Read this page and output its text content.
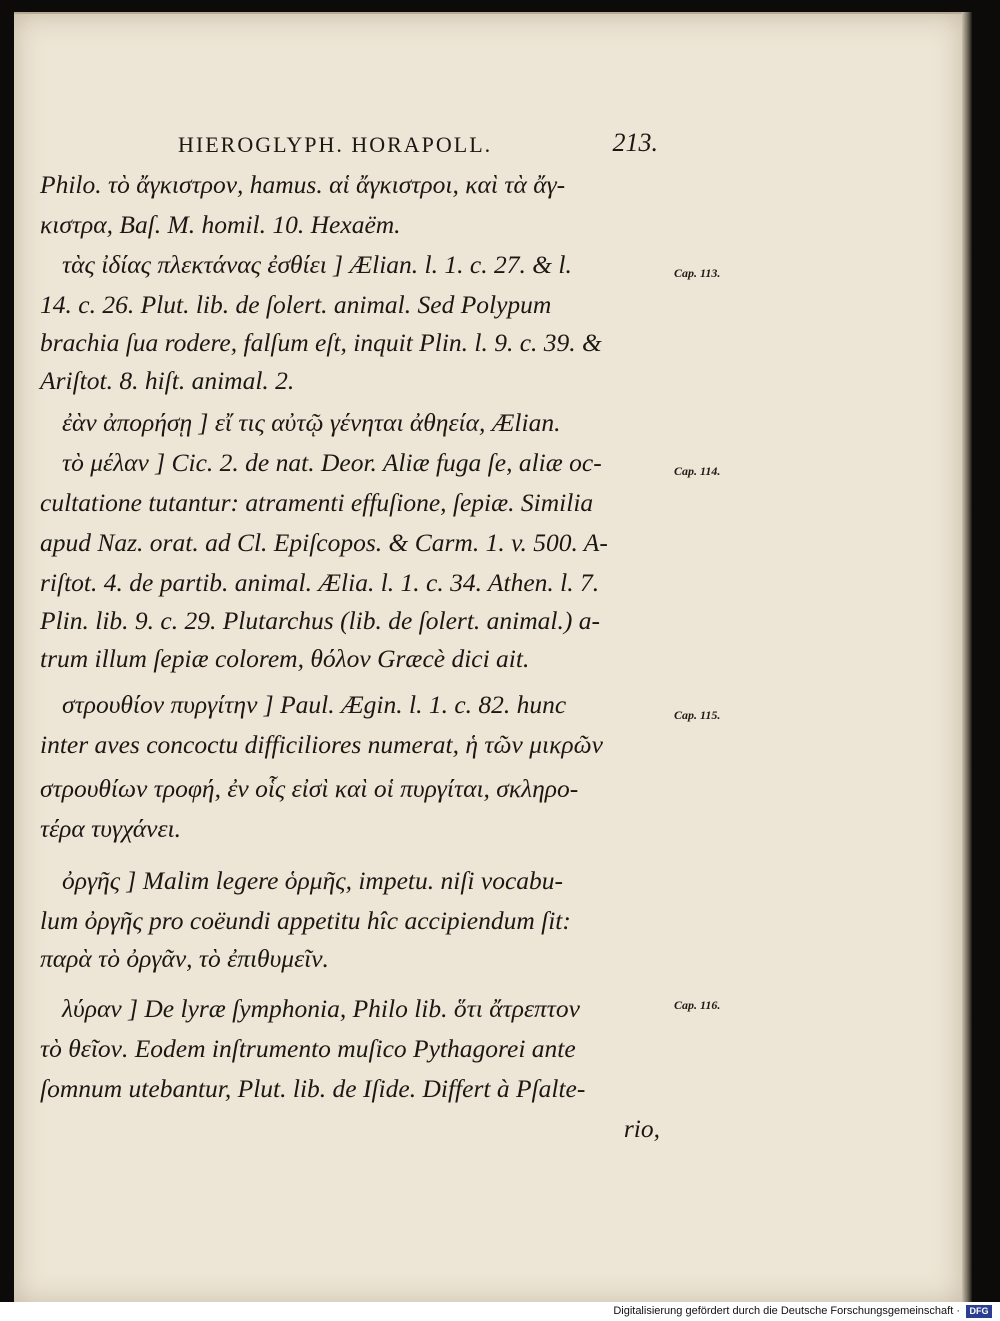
HIEROGLYPH. HORAPOLL.	213.
Philo. τὸ ἄγκιστρον, hamus. αἱ ἄγκιστροι, καὶ τὰ ἄγ-
κιστρα, Baſ. M. homil. 10. Hexaëm.
τὰς ἰδίας πλεκτάνας ἐσθίει ] Ælian. l. 1. c. 27. & l.
14. c. 26. Plut. lib. de ſolert. animal. Sed Polypum
brachia ſua rodere, falſum eſt, inquit Plin. l. 9. c. 39. &
Ariſtot. 8. hiſt. animal. 2.
ἐὰν ἀπορήσῃ ] εἴ τις αὐτῷ γένηται ἀθηεία, Ælian.
τὸ μέλαν ] Cic. 2. de nat. Deor. Aliæ fuga ſe, aliæ oc-
cultatione tutantur: atramenti effuſione, ſepiæ. Similia
apud Naz. orat. ad Cl. Epiſcopos. & Carm. 1. v. 500. A-
riſtot. 4. de partib. animal. Ælia. l. 1. c. 34. Athen. l. 7.
Plin. lib. 9. c. 29. Plutarchus (lib. de ſolert. animal.) a-
trum illum ſepiæ colorem, θόλον Græcè dici ait.
στρουθίον πυργίτην ] Paul. Ægin. l. 1. c. 82. hunc
inter aves concoctu difficiliores numerat, ἡ τῶν μικρῶν
στρουθίων τροφή, ἐν οἷς εἰσὶ καὶ οἱ πυργίται, σκληρο-
τέρα τυγχάνει.
ὀργῆς ] Malim legere ὁρμῆς, impetu. niſi vocabu-
lum ὀργῆς pro coëundi appetitu hîc accipiendum ſit:
παρὰ τὸ ὀργᾶν, τὸ ἐπιθυμεῖν.
λύραν ] De lyræ ſymphonia, Philo lib. ὅτι ἄτρεπτον
τὸ θεῖον. Eodem inſtrumento muſico Pythagorei ante
ſomnum utebantur, Plut. lib. de Iſide. Differt à Pſalte-
rio,
Cap. 113.
Cap. 114.
Cap. 115.
Cap. 116.
Digitalisierung gefördert durch die Deutsche Forschungsgemeinschaft ·	DFG
